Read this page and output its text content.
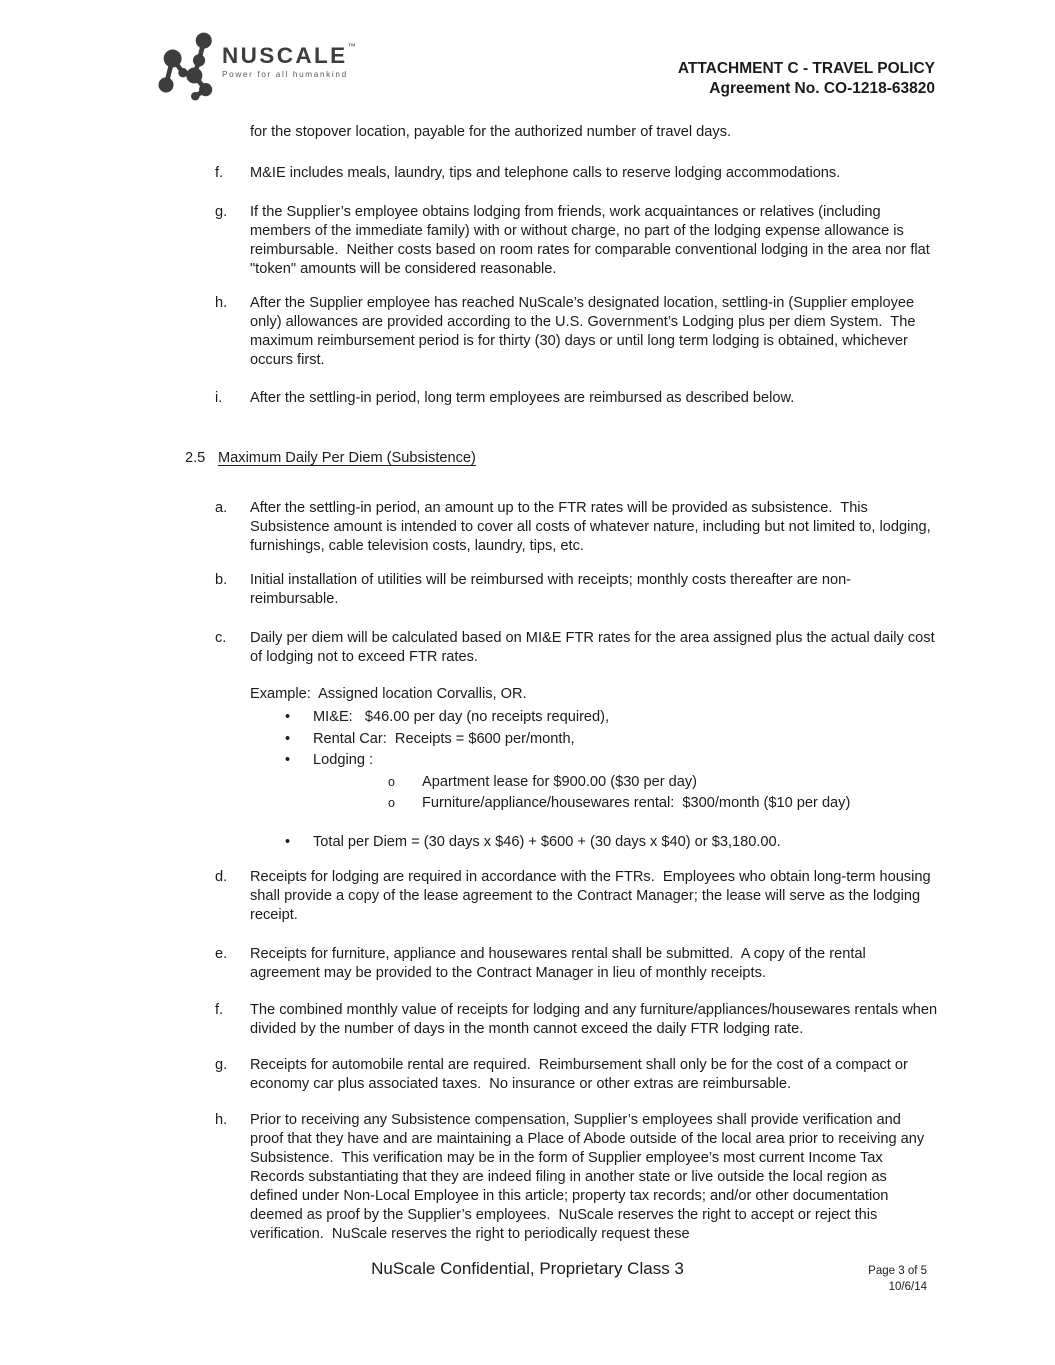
NUSCALE™
Power for all humankind	ATTACHMENT C - TRAVEL POLICY
Agreement No. CO-1218-63820
for the stopover location, payable for the authorized number of travel days.
f. M&IE includes meals, laundry, tips and telephone calls to reserve lodging accommodations.
g. If the Supplier’s employee obtains lodging from friends, work acquaintances or relatives (including members of the immediate family) with or without charge, no part of the lodging expense allowance is reimbursable.  Neither costs based on room rates for comparable conventional lodging in the area nor flat "token" amounts will be considered reasonable.
h. After the Supplier employee has reached NuScale’s designated location, settling-in (Supplier employee only) allowances are provided according to the U.S. Government’s Lodging plus per diem System.  The maximum reimbursement period is for thirty (30) days or until long term lodging is obtained, whichever occurs first.
i. After the settling-in period, long term employees are reimbursed as described below.
2.5 Maximum Daily Per Diem (Subsistence)
a. After the settling-in period, an amount up to the FTR rates will be provided as subsistence.  This Subsistence amount is intended to cover all costs of whatever nature, including but not limited to, lodging, furnishings, cable television costs, laundry, tips, etc.
b. Initial installation of utilities will be reimbursed with receipts; monthly costs thereafter are non-reimbursable.
c. Daily per diem will be calculated based on MI&E FTR rates for the area assigned plus the actual daily cost of lodging not to exceed FTR rates.
Example:  Assigned location Corvallis, OR.
•	MI&E:   $46.00 per day (no receipts required),
•	Rental Car:  Receipts = $600 per/month,
•	Lodging :
o	Apartment lease for $900.00 ($30 per day)
o	Furniture/appliance/housewares rental:  $300/month ($10 per day)
•	Total per Diem = (30 days x $46) + $600 + (30 days x $40) or $3,180.00.
d. Receipts for lodging are required in accordance with the FTRs.  Employees who obtain long-term housing shall provide a copy of the lease agreement to the Contract Manager; the lease will serve as the lodging receipt.
e. Receipts for furniture, appliance and housewares rental shall be submitted.  A copy of the rental agreement may be provided to the Contract Manager in lieu of monthly receipts.
f. The combined monthly value of receipts for lodging and any furniture/appliances/housewares rentals when divided by the number of days in the month cannot exceed the daily FTR lodging rate.
g. Receipts for automobile rental are required.  Reimbursement shall only be for the cost of a compact or economy car plus associated taxes.  No insurance or other extras are reimbursable.
h. Prior to receiving any Subsistence compensation, Supplier’s employees shall provide verification and proof that they have and are maintaining a Place of Abode outside of the local area prior to receiving any Subsistence.  This verification may be in the form of Supplier employee’s most current Income Tax Records substantiating that they are indeed filing in another state or live outside the local region as defined under Non-Local Employee in this article; property tax records; and/or other documentation deemed as proof by the Supplier’s employees.  NuScale reserves the right to accept or reject this verification.  NuScale reserves the right to periodically request these
NuScale Confidential, Proprietary Class 3	Page 3 of 5
10/6/14
